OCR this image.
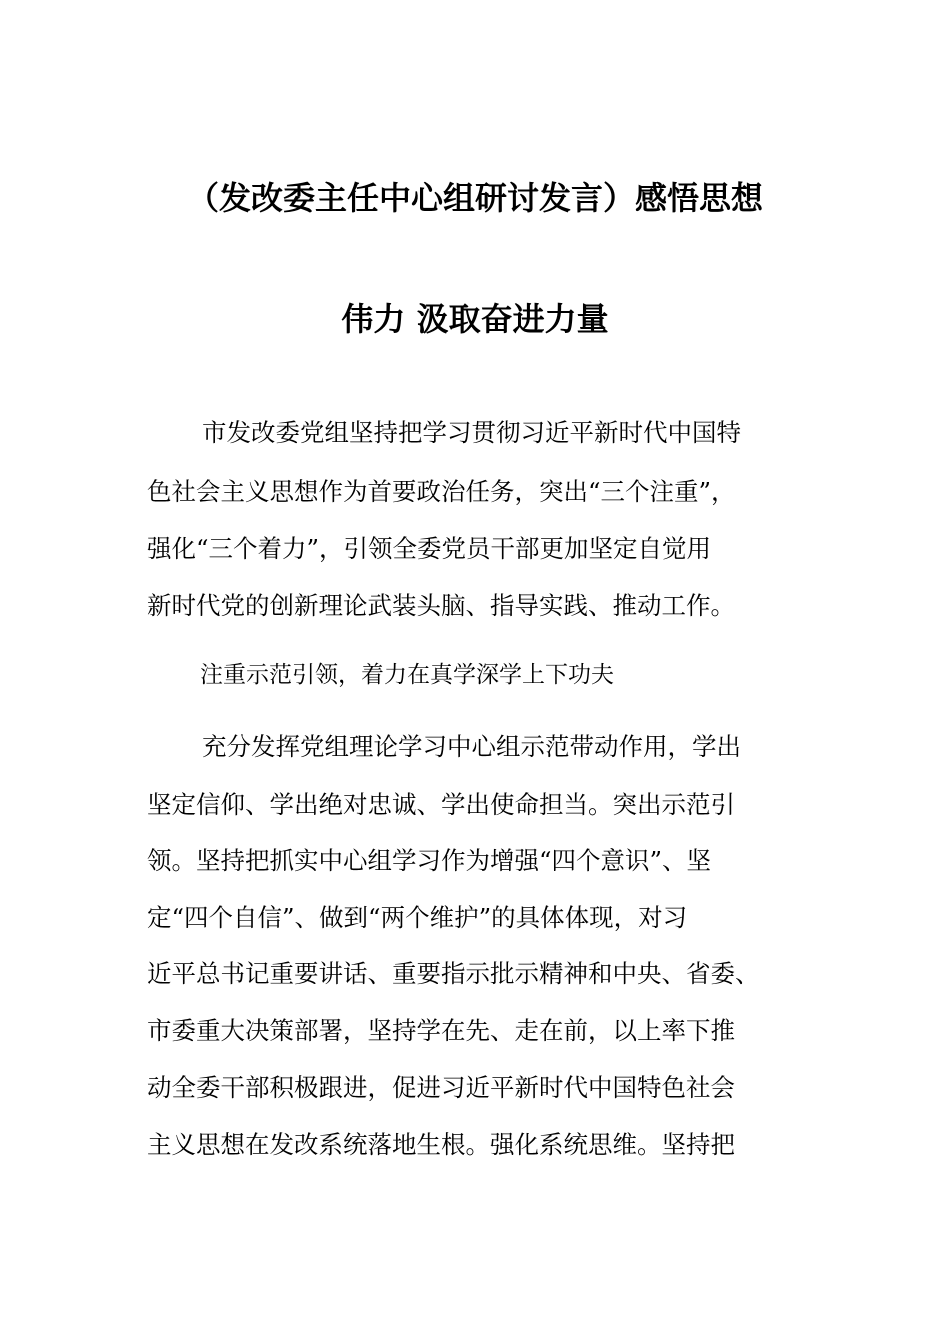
（发改委主任中心组研讨发言）感悟思想
伟力 汲取奋进力量
市发改委党组坚持把学习贯彻习近平新时代中国特
色社会主义思想作为首要政治任务，突出“三个注重”，
强化“三个着力”，引领全委党员干部更加坚定自觉用
新时代党的创新理论武装头脑、指导实践、推动工作。
注重示范引领，着力在真学深学上下功夫
充分发挥党组理论学习中心组示范带动作用，学出
坚定信仰、学出绝对忠诚、学出使命担当。突出示范引
领。坚持把抓实中心组学习作为增强“四个意识”、坚
定“四个自信”、做到“两个维护”的具体体现，对习
近平总书记重要讲话、重要指示批示精神和中央、省委、
市委重大决策部署，坚持学在先、走在前，以上率下推
动全委干部积极跟进，促进习近平新时代中国特色社会
主义思想在发改系统落地生根。强化系统思维。坚持把
